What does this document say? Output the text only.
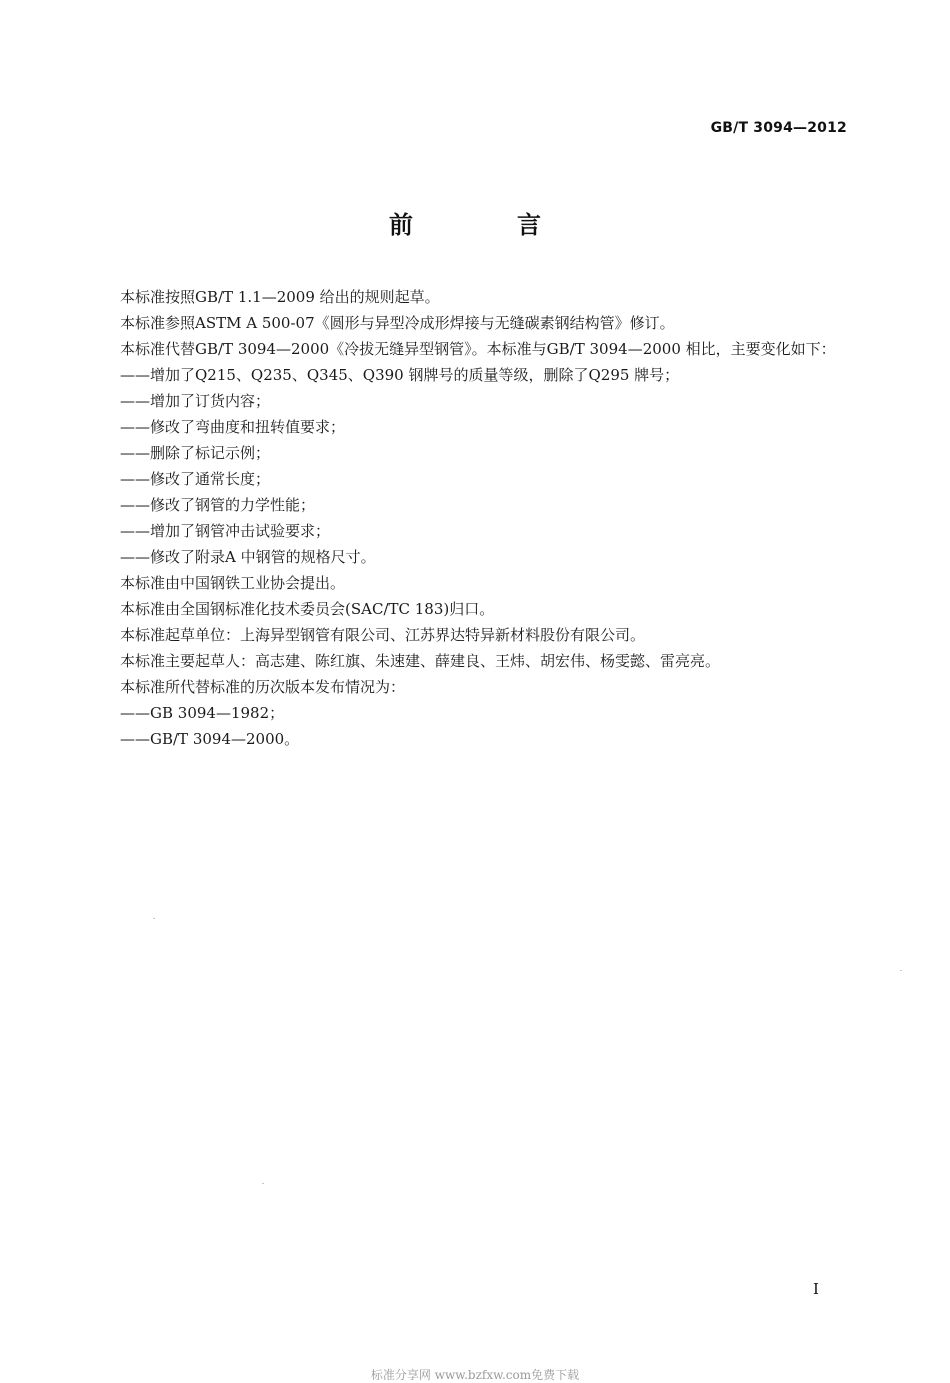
GB/T 3094—2012
前　言

本标准按照GB/T 1.1—2009 给出的规则起草。

本标准参照ASTM A 500-07《圆形与异型冷成形焊接与无缝碳素钢结构管》修订。

本标准代替GB/T 3094—2000《冷拔无缝异型钢管》。本标准与GB/T 3094—2000 相比，主要变化如下：

——增加了Q215、Q235、Q345、Q390 钢牌号的质量等级，删除了Q295 牌号；

——增加了订货内容；

——修改了弯曲度和扭转值要求；

——删除了标记示例；

——修改了通常长度；

——修改了钢管的力学性能；

——增加了钢管冲击试验要求；

——修改了附录A 中钢管的规格尺寸。

本标准由中国钢铁工业协会提出。

本标准由全国钢标准化技术委员会(SAC/TC 183)归口。

本标准起草单位：上海异型钢管有限公司、江苏界达特异新材料股份有限公司。

本标准主要起草人：高志建、陈红旗、朱速建、薛建良、王炜、胡宏伟、杨雯懿、雷亮亮。

本标准所代替标准的历次版本发布情况为：

——GB 3094—1982；

——GB/T 3094—2000。

I
标准分享网 www.bzfxw.com免费下载
